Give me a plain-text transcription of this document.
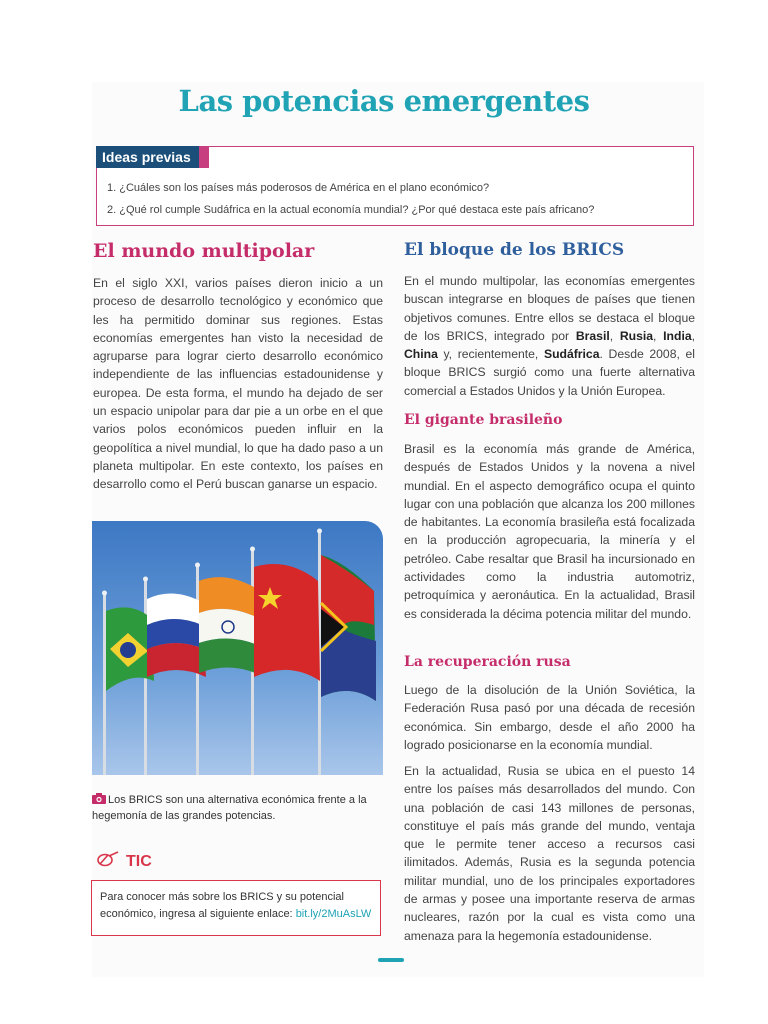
Las potencias emergentes
Ideas previas
1. ¿Cuáles son los países más poderosos de América en el plano económico?
2. ¿Qué rol cumple Sudáfrica en la actual economía mundial? ¿Por qué destaca este país africano?
El mundo multipolar

En el siglo XXI, varios países dieron inicio a un proceso de desarrollo tecnológico y económico que les ha permitido dominar sus regiones. Estas economías emergentes han visto la necesidad de agruparse para lograr cierto desarrollo económico independiente de las influencias estadounidense y europea. De esta forma, el mundo ha dejado de ser un espacio unipolar para dar pie a un orbe en el que varios polos económicos pueden influir en la geopolítica a nivel mundial, lo que ha dado paso a un planeta multipolar. En este contexto, los países en desarrollo como el Perú buscan ganarse un espacio.

Los BRICS son una alternativa económica frente a la hegemonía de las grandes potencias.

TIC
Para conocer más sobre los BRICS y su potencial económico, ingresa al siguiente enlace: bit.ly/2MuAsLW
El bloque de los BRICS

En el mundo multipolar, las economías emergentes buscan integrarse en bloques de países que tienen objetivos comunes. Entre ellos se destaca el bloque de los BRICS, integrado por Brasil, Rusia, India, China y, recientemente, Sudáfrica. Desde 2008, el bloque BRICS surgió como una fuerte alternativa comercial a Estados Unidos y la Unión Europea.

El gigante brasileño

Brasil es la economía más grande de América, después de Estados Unidos y la novena a nivel mundial. En el aspecto demográfico ocupa el quinto lugar con una población que alcanza los 200 millones de habitantes. La economía brasileña está focalizada en la producción agropecuaria, la minería y el petróleo. Cabe resaltar que Brasil ha incursionado en actividades como la industria automotriz, petroquímica y aeronáutica. En la actualidad, Brasil es considerada la décima potencia militar del mundo.

La recuperación rusa

Luego de la disolución de la Unión Soviética, la Federación Rusa pasó por una década de recesión económica. Sin embargo, desde el año 2000 ha logrado posicionarse en la economía mundial.

En la actualidad, Rusia se ubica en el puesto 14 entre los países más desarrollados del mundo. Con una población de casi 143 millones de personas, constituye el país más grande del mundo, ventaja que le permite tener acceso a recursos casi ilimitados. Además, Rusia es la segunda potencia militar mundial, uno de los principales exportadores de armas y posee una importante reserva de armas nucleares, razón por la cual es vista como una amenaza para la hegemonía estadounidense.
